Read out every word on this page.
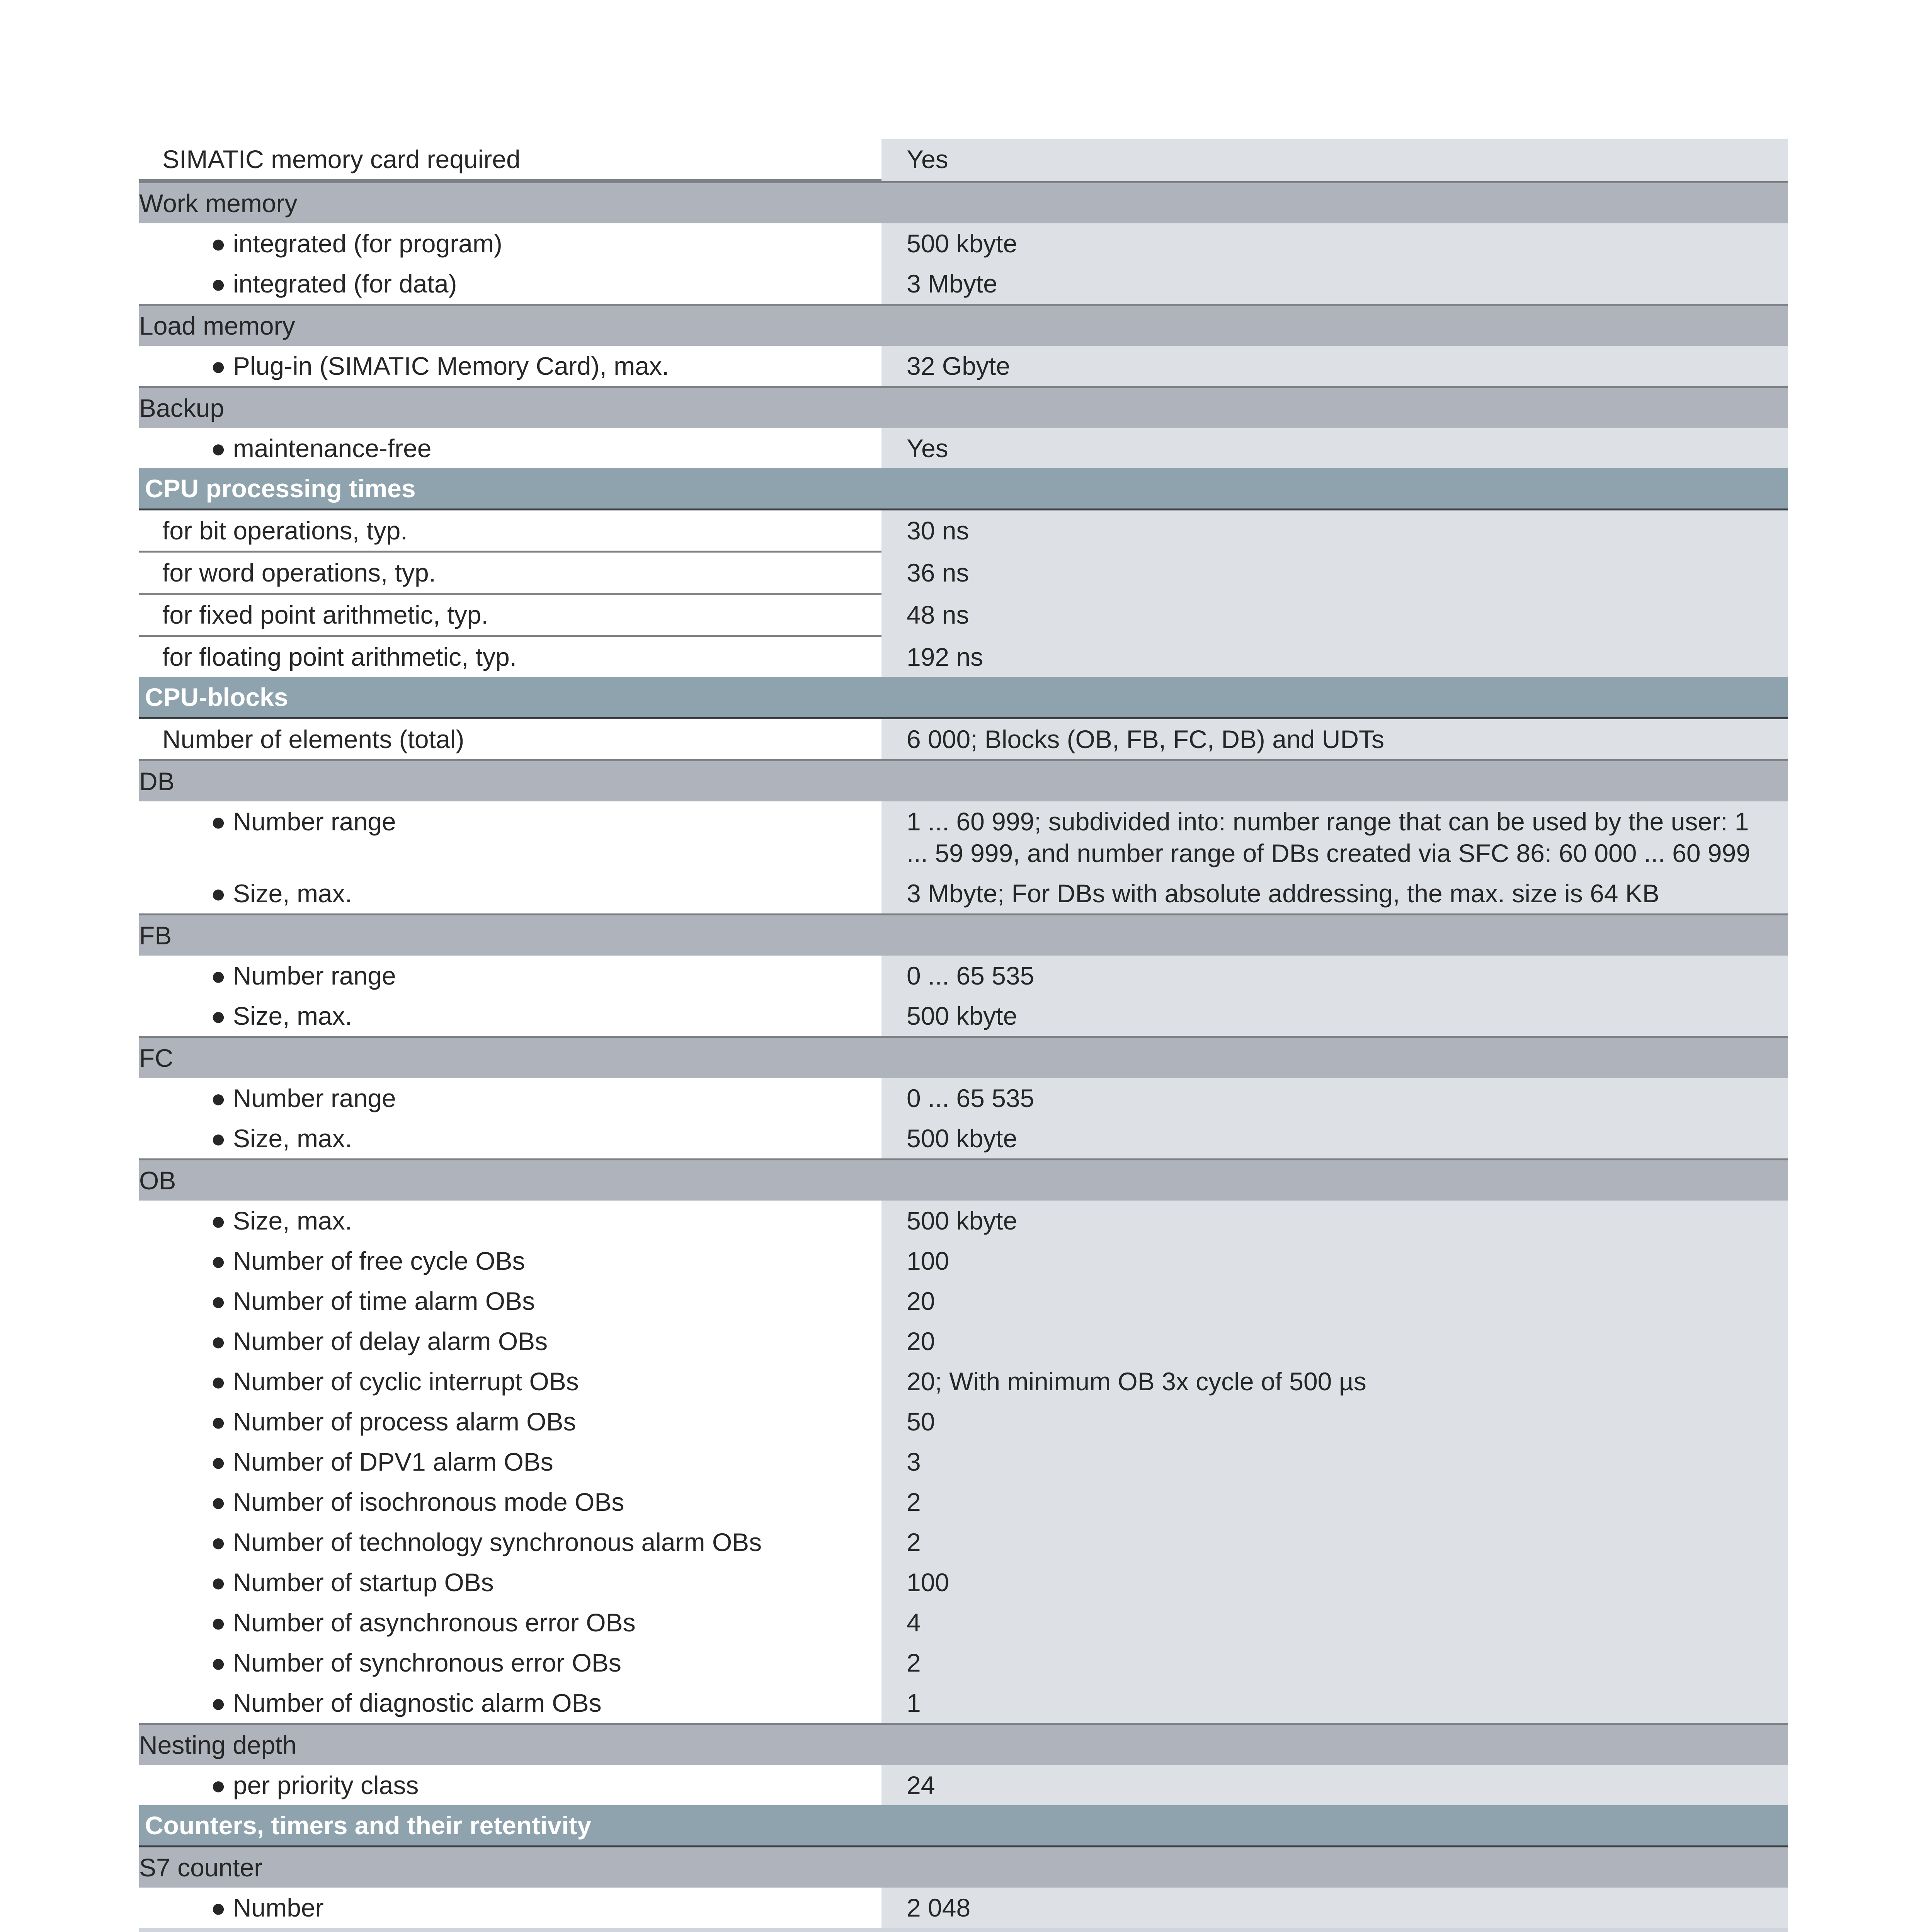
SIMATIC memory card required	Yes
Work memory
● integrated (for program)	500 kbyte
● integrated (for data)	3 Mbyte
Load memory
● Plug-in (SIMATIC Memory Card), max.	32 Gbyte
Backup
● maintenance-free	Yes
CPU processing times
for bit operations, typ.	30 ns
for word operations, typ.	36 ns
for fixed point arithmetic, typ.	48 ns
for floating point arithmetic, typ.	192 ns
CPU-blocks
Number of elements (total)	6 000; Blocks (OB, FB, FC, DB) and UDTs
DB
● Number range	1 ... 60 999; subdivided into: number range that can be used by the user: 1 ... 59 999, and number range of DBs created via SFC 86: 60 000 ... 60 999
● Size, max.	3 Mbyte; For DBs with absolute addressing, the max. size is 64 KB
FB
● Number range	0 ... 65 535
● Size, max.	500 kbyte
FC
● Number range	0 ... 65 535
● Size, max.	500 kbyte
OB
● Size, max.	500 kbyte
● Number of free cycle OBs	100
● Number of time alarm OBs	20
● Number of delay alarm OBs	20
● Number of cyclic interrupt OBs	20; With minimum OB 3x cycle of 500 µs
● Number of process alarm OBs	50
● Number of DPV1 alarm OBs	3
● Number of isochronous mode OBs	2
● Number of technology synchronous alarm OBs	2
● Number of startup OBs	100
● Number of asynchronous error OBs	4
● Number of synchronous error OBs	2
● Number of diagnostic alarm OBs	1
Nesting depth
● per priority class	24
Counters, timers and their retentivity
S7 counter
● Number	2 048
